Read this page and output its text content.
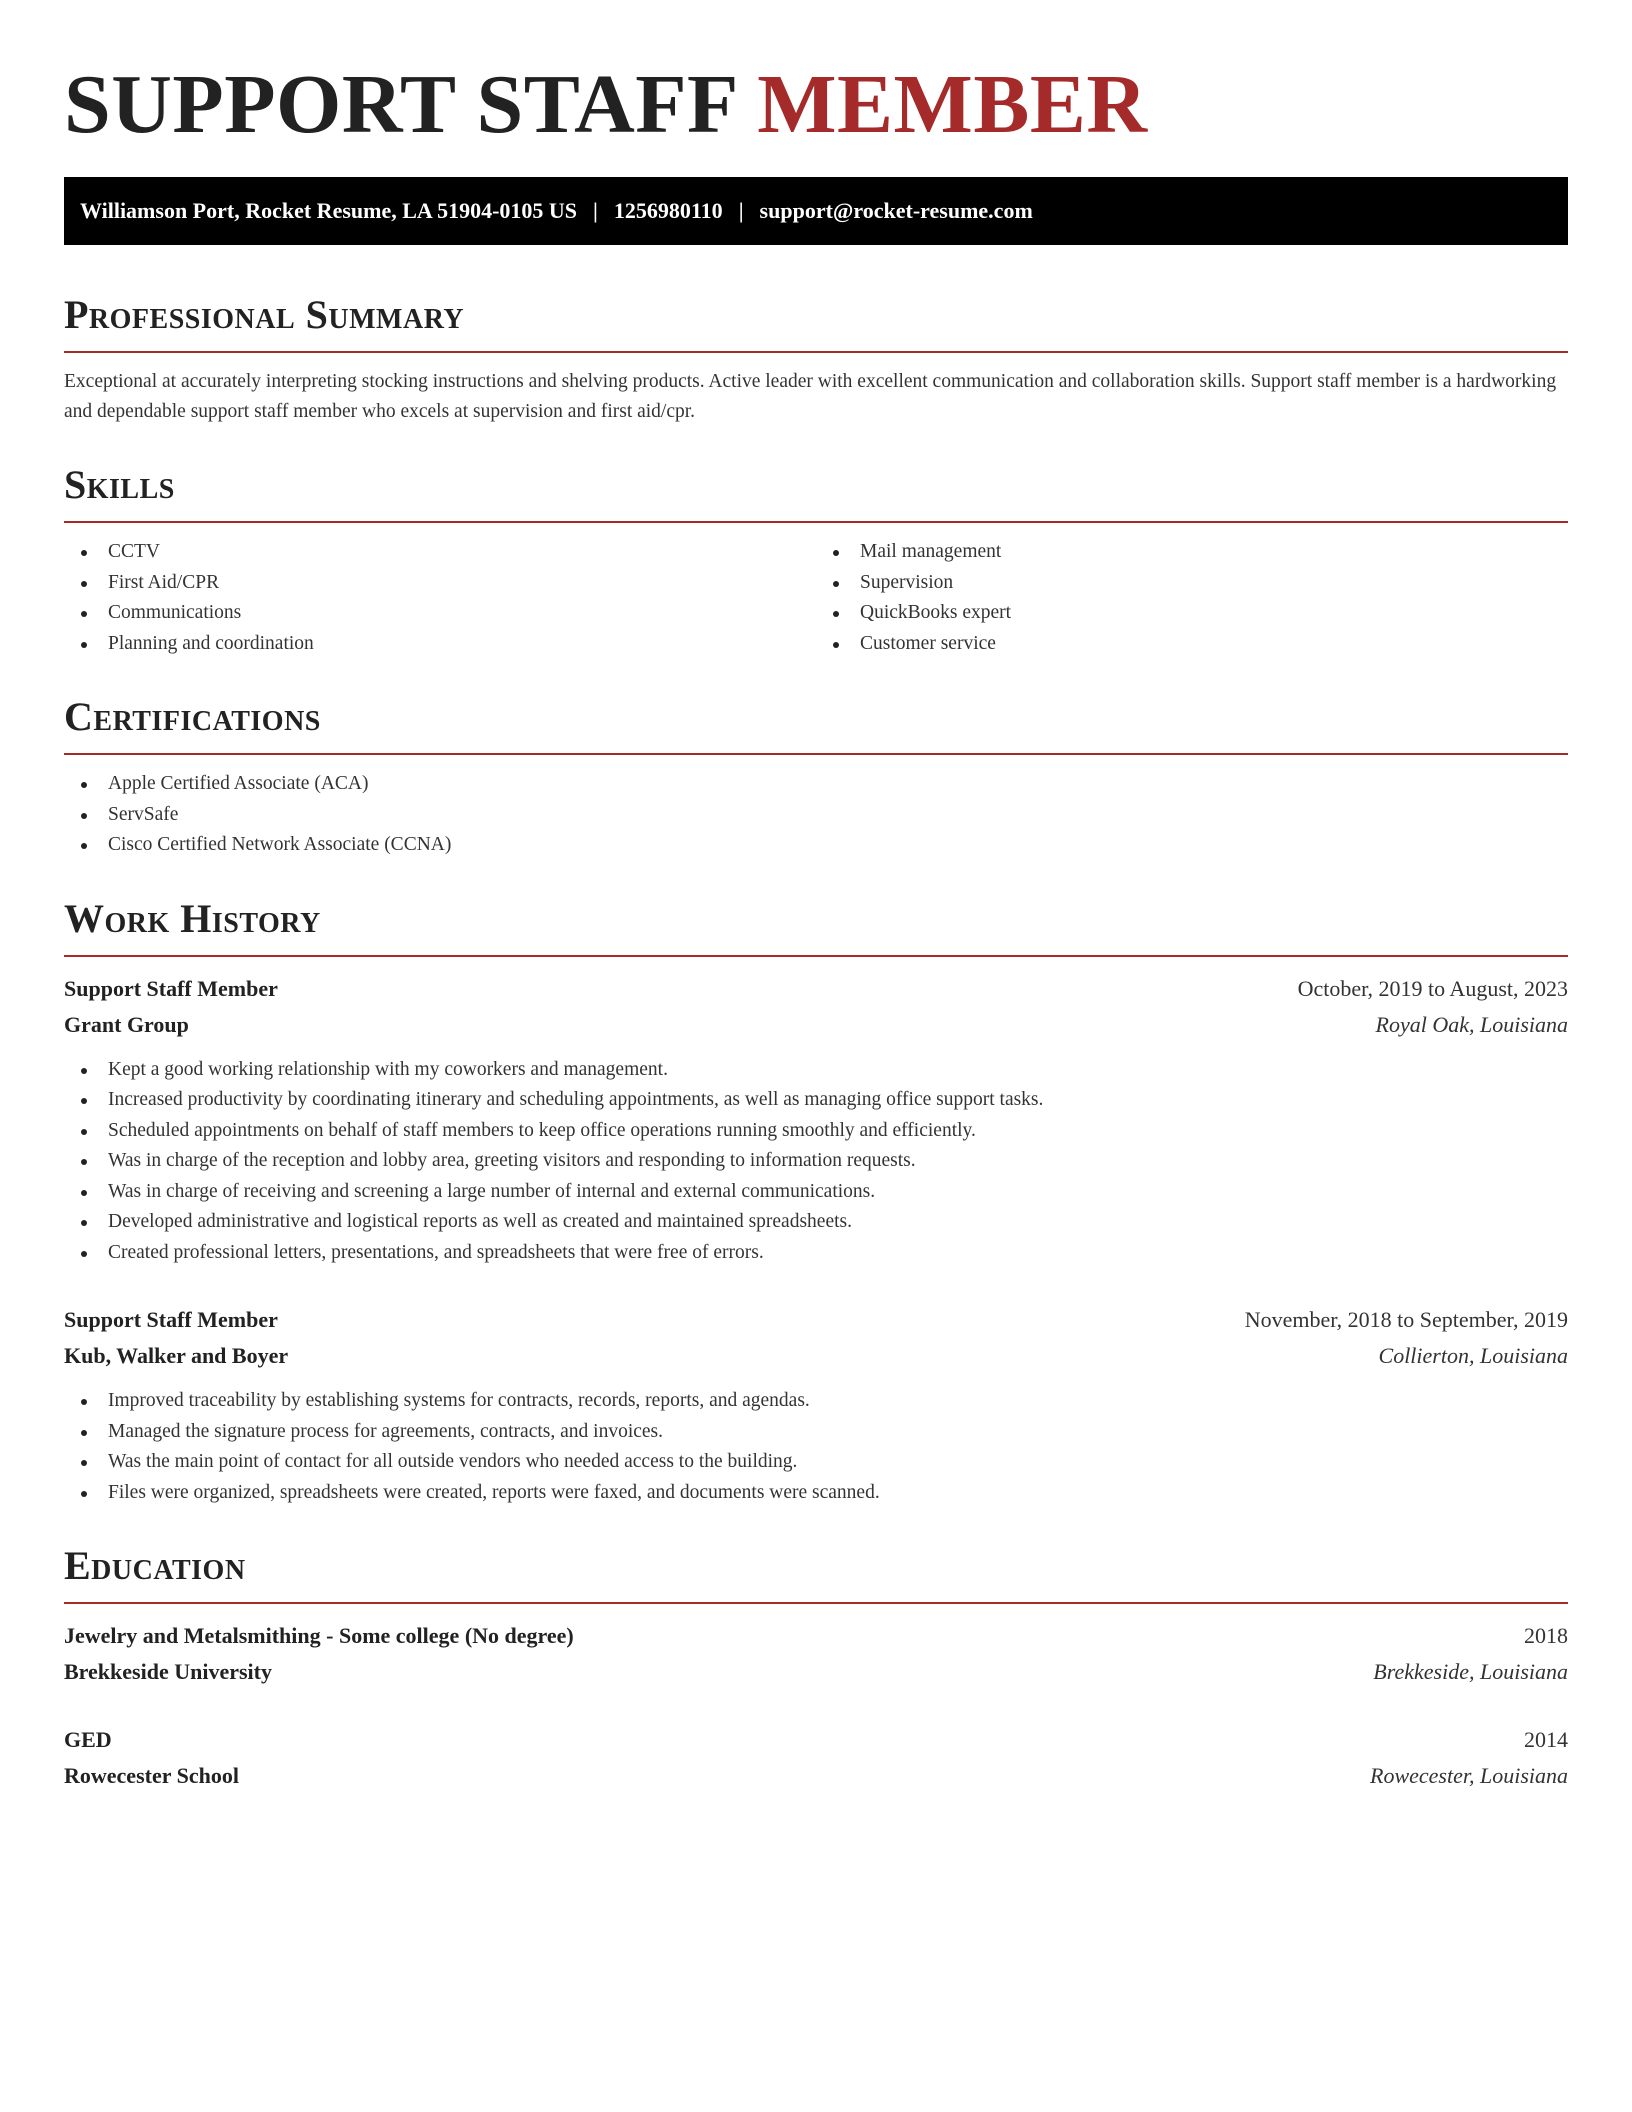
SUPPORT STAFF MEMBER
Williamson Port, Rocket Resume, LA 51904-0105 US | 1256980110 | support@rocket-resume.com
Professional Summary

Exceptional at accurately interpreting stocking instructions and shelving products. Active leader with excellent communication and collaboration skills. Support staff member is a hardworking and dependable support staff member who excels at supervision and first aid/cpr.

Skills
CCTV
First Aid/CPR
Communications
Planning and coordination
Mail management
Supervision
QuickBooks expert
Customer service
Certifications
Apple Certified Associate (ACA)
ServSafe
Cisco Certified Network Associate (CCNA)
Work History
Support Staff Member	October, 2019 to August, 2023
Grant Group	Royal Oak, Louisiana
Kept a good working relationship with my coworkers and management.
Increased productivity by coordinating itinerary and scheduling appointments, as well as managing office support tasks.
Scheduled appointments on behalf of staff members to keep office operations running smoothly and efficiently.
Was in charge of the reception and lobby area, greeting visitors and responding to information requests.
Was in charge of receiving and screening a large number of internal and external communications.
Developed administrative and logistical reports as well as created and maintained spreadsheets.
Created professional letters, presentations, and spreadsheets that were free of errors.
Support Staff Member	November, 2018 to September, 2019
Kub, Walker and Boyer	Collierton, Louisiana
Improved traceability by establishing systems for contracts, records, reports, and agendas.
Managed the signature process for agreements, contracts, and invoices.
Was the main point of contact for all outside vendors who needed access to the building.
Files were organized, spreadsheets were created, reports were faxed, and documents were scanned.
Education
Jewelry and Metalsmithing - Some college (No degree)	2018
Brekkeside University	Brekkeside, Louisiana
GED	2014
Rowecester School	Rowecester, Louisiana
